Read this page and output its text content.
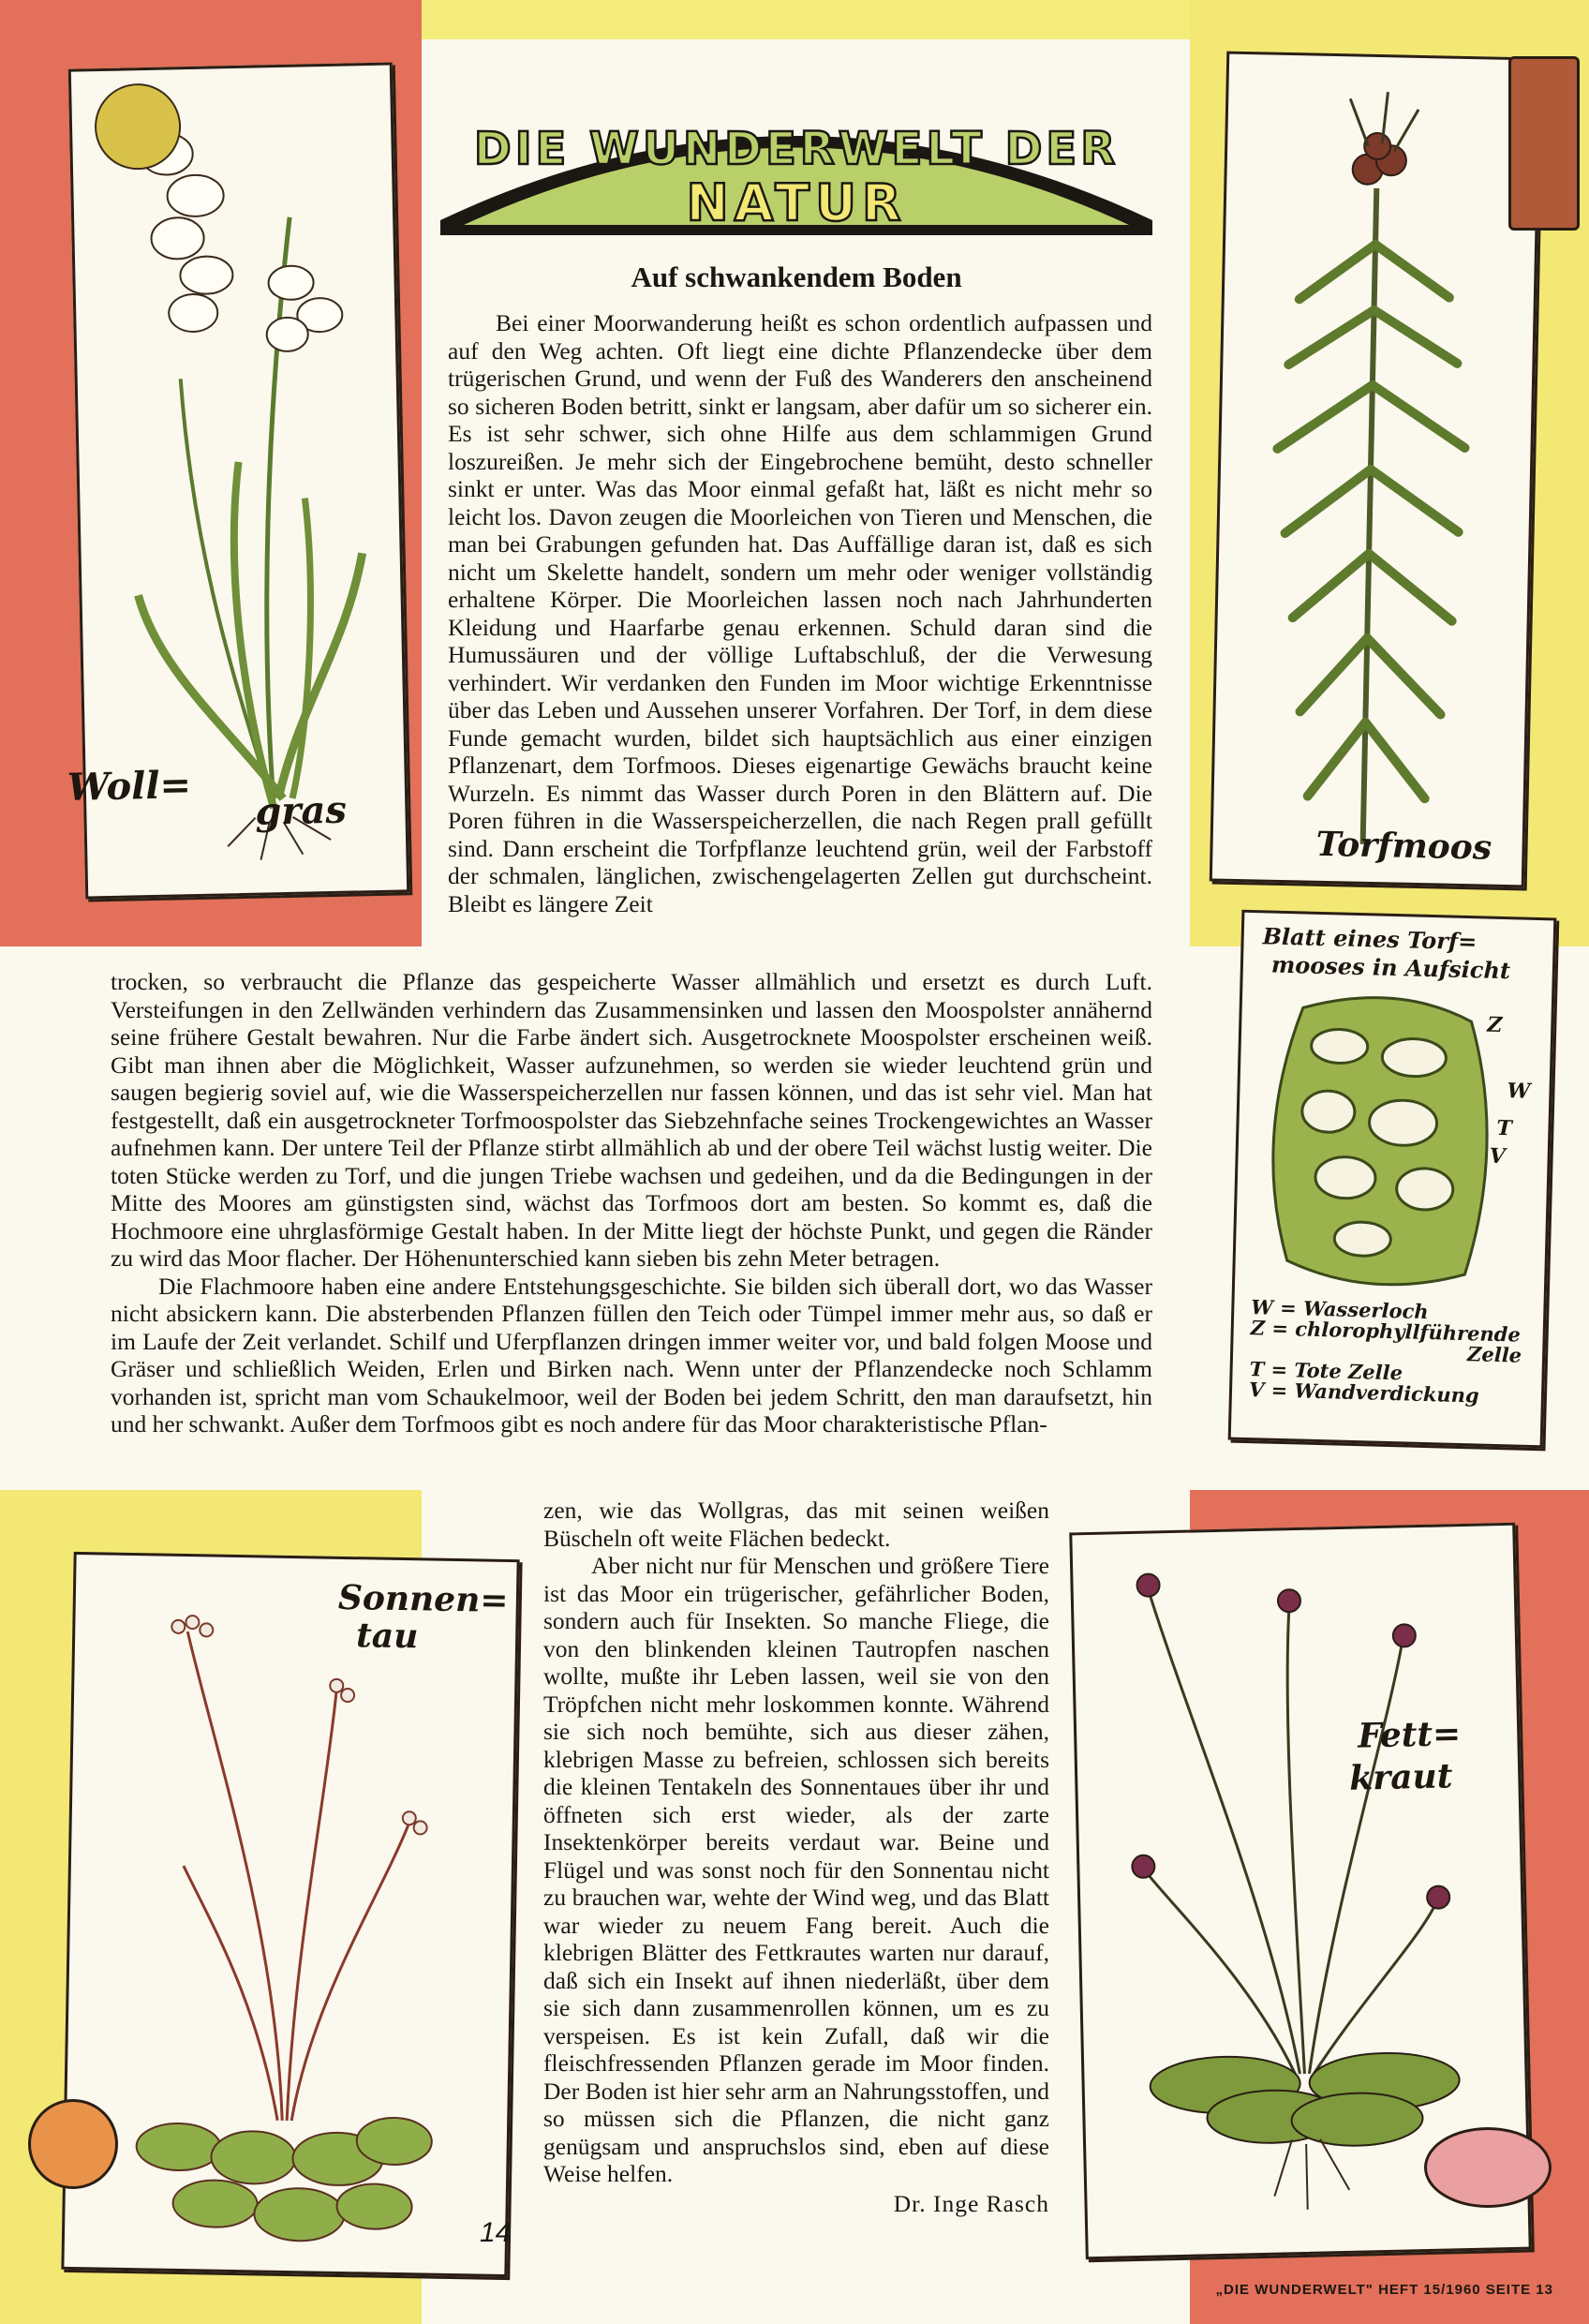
DIE WUNDERWELT DER
NATUR
Auf schwankendem Boden

Bei einer Moorwanderung heißt es schon ordentlich aufpassen und auf den Weg achten. Oft liegt eine dichte Pflanzendecke über dem trügerischen Grund, und wenn der Fuß des Wanderers den anscheinend so sicheren Boden betritt, sinkt er langsam, aber dafür um so sicherer ein. Es ist sehr schwer, sich ohne Hilfe aus dem schlammigen Grund loszureißen. Je mehr sich der Eingebrochene bemüht, desto schneller sinkt er unter. Was das Moor einmal gefaßt hat, läßt es nicht mehr so leicht los. Davon zeugen die Moorleichen von Tieren und Menschen, die man bei Grabungen gefunden hat. Das Auffällige daran ist, daß es sich nicht um Skelette handelt, sondern um mehr oder weniger vollständig erhaltene Körper. Die Moorleichen lassen noch nach Jahrhunderten Kleidung und Haarfarbe genau erkennen. Schuld daran sind die Humussäuren und der völlige Luftabschluß, der die Verwesung verhindert. Wir verdanken den Funden im Moor wichtige Erkenntnisse über das Leben und Aussehen unserer Vorfahren. Der Torf, in dem diese Funde gemacht wurden, bildet sich hauptsächlich aus einer einzigen Pflanzenart, dem Torfmoos. Dieses eigenartige Gewächs braucht keine Wurzeln. Es nimmt das Wasser durch Poren in den Blättern auf. Die Poren führen in die Wasserspeicherzellen, die nach Regen prall gefüllt sind. Dann erscheint die Torfpflanze leuchtend grün, weil der Farbstoff der schmalen, länglichen, zwischengelagerten Zellen gut durchscheint. Bleibt es längere Zeit

trocken, so verbraucht die Pflanze das gespeicherte Wasser allmählich und ersetzt es durch Luft. Versteifungen in den Zellwänden verhindern das Zusammensinken und lassen den Moospolster annähernd seine frühere Gestalt bewahren. Nur die Farbe ändert sich. Ausgetrocknete Moospolster erscheinen weiß. Gibt man ihnen aber die Möglichkeit, Wasser aufzunehmen, so werden sie wieder leuchtend grün und saugen begierig soviel auf, wie die Wasserspeicherzellen nur fassen können, und das ist sehr viel. Man hat festgestellt, daß ein ausgetrockneter Torfmoospolster das Siebzehnfache seines Trockengewichtes an Wasser aufnehmen kann. Der untere Teil der Pflanze stirbt allmählich ab und der obere Teil wächst lustig weiter. Die toten Stücke werden zu Torf, und die jungen Triebe wachsen und gedeihen, und da die Bedingungen in der Mitte des Moores am günstigsten sind, wächst das Torfmoos dort am besten. So kommt es, daß die Hochmoore eine uhrglasförmige Gestalt haben. In der Mitte liegt der höchste Punkt, und gegen die Ränder zu wird das Moor flacher. Der Höhenunterschied kann sieben bis zehn Meter betragen.

Die Flachmoore haben eine andere Entstehungsgeschichte. Sie bilden sich überall dort, wo das Wasser nicht absickern kann. Die absterbenden Pflanzen füllen den Teich oder Tümpel immer mehr aus, so daß er im Laufe der Zeit verlandet. Schilf und Uferpflanzen dringen immer weiter vor, und bald folgen Moose und Gräser und schließlich Weiden, Erlen und Birken nach. Wenn unter der Pflanzendecke noch Schlamm vorhanden ist, spricht man vom Schaukelmoor, weil der Boden bei jedem Schritt, den man daraufsetzt, hin und her schwankt. Außer dem Torfmoos gibt es noch andere für das Moor charakteristische Pflan-

zen, wie das Wollgras, das mit seinen weißen Büscheln oft weite Flächen bedeckt.

Aber nicht nur für Menschen und größere Tiere ist das Moor ein trügerischer, gefährlicher Boden, sondern auch für Insekten. So manche Fliege, die von den blinkenden kleinen Tautropfen naschen wollte, mußte ihr Leben lassen, weil sie von den Tröpfchen nicht mehr loskommen konnte. Während sie sich noch bemühte, sich aus dieser zähen, klebrigen Masse zu befreien, schlossen sich bereits die kleinen Tentakeln des Sonnentaues über ihr und öffneten sich erst wieder, als der zarte Insektenkörper bereits verdaut war. Beine und Flügel und was sonst noch für den Sonnentau nicht zu brauchen war, wehte der Wind weg, und das Blatt war wieder zu neuem Fang bereit. Auch die klebrigen Blätter des Fettkrautes warten nur darauf, daß sich ein Insekt auf ihnen niederläßt, über dem sie sich dann zusammenrollen können, um es zu verspeisen. Es ist kein Zufall, daß wir die fleischfressenden Pflanzen gerade im Moor finden. Der Boden ist hier sehr arm an Nahrungsstoffen, und so müssen sich die Pflanzen, die nicht ganz genügsam und anspruchslos sind, eben auf diese Weise helfen.

Dr. Inge Rasch
Woll=
gras
Torfmoos
Blatt eines Torf=
mooses in Aufsicht
Z
W
T
V
W = Wasserloch
Z = chlorophyllführende
Zelle
T = Tote Zelle
V = Wandverdickung
Sonnen=
tau
Fett=
kraut
14
„DIE WUNDERWELT" HEFT 15/1960 SEITE 13
